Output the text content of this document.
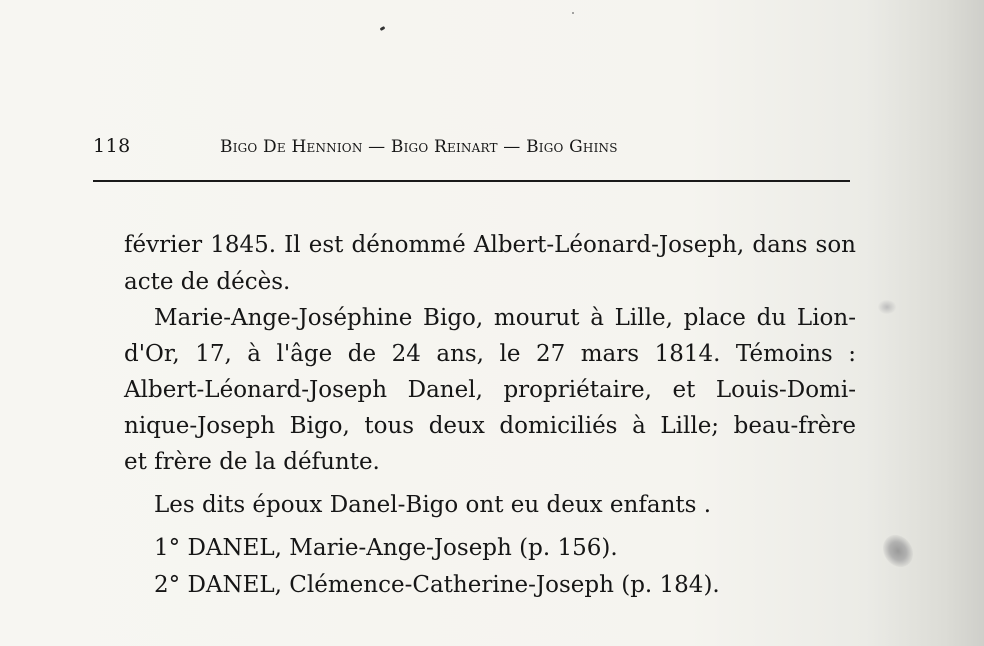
118	Bigo De Hennion — Bigo Reinart — Bigo Ghins
février 1845. Il est dénommé Albert-Léonard-Joseph, dans son
acte de décès.
Marie-Ange-Joséphine Bigo, mourut à Lille, place du Lion-
d'Or, 17, à l'âge de 24 ans, le 27 mars 1814. Témoins :
Albert-Léonard-Joseph Danel, propriétaire, et Louis-Domi-
nique-Joseph Bigo, tous deux domiciliés à Lille; beau-frère
et frère de la défunte.
Les dits époux Danel-Bigo ont eu deux enfants .
1° DANEL, Marie-Ange-Joseph (p. 156).
2° DANEL, Clémence-Catherine-Joseph (p. 184).
